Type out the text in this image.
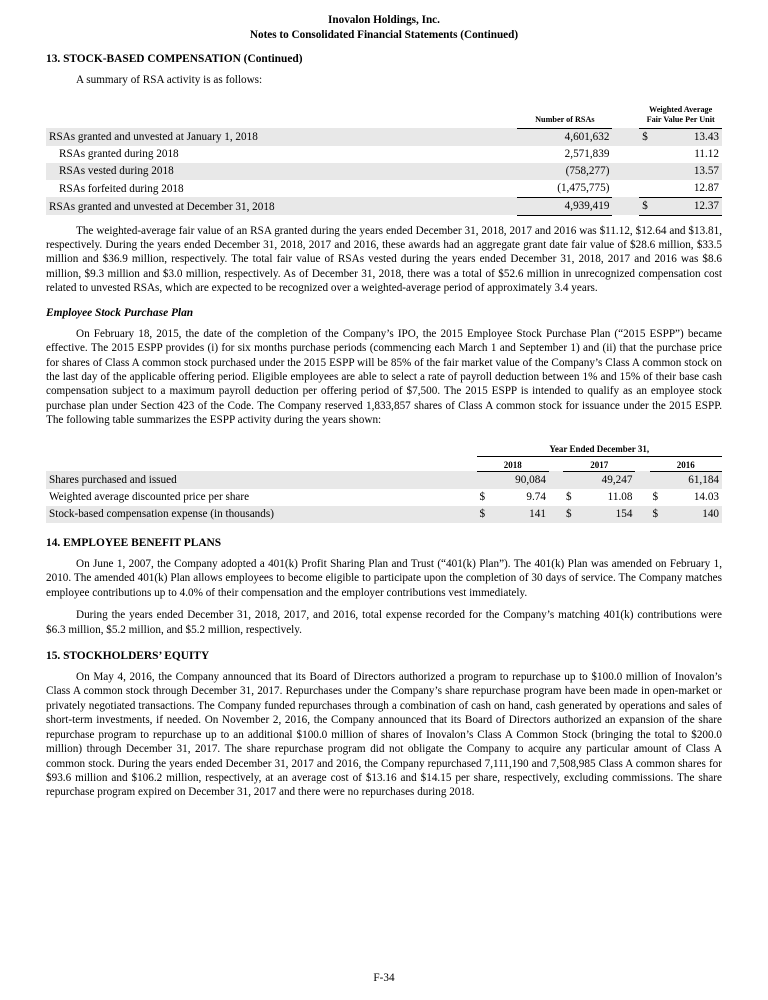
Inovalon Holdings, Inc.
Notes to Consolidated Financial Statements (Continued)
13. STOCK-BASED COMPENSATION (Continued)

A summary of RSA activity is as follows:

	Number of RSAs		Weighted Average Fair Value Per Unit	
RSAs granted and unvested at January 1, 2018	4,601,632		$	13.43
RSAs granted during 2018	2,571,839			11.12
RSAs vested during 2018	(758,277)			13.57
RSAs forfeited during 2018	(1,475,775)			12.87
RSAs granted and unvested at December 31, 2018	4,939,419		$	12.37

The weighted-average fair value of an RSA granted during the years ended December 31, 2018, 2017 and 2016 was $11.12, $12.64 and $13.81, respectively. During the years ended December 31, 2018, 2017 and 2016, these awards had an aggregate grant date fair value of $28.6 million, $33.5 million and $36.9 million, respectively. The total fair value of RSAs vested during the years ended December 31, 2018, 2017 and 2016 was $8.6 million, $9.3 million and $3.0 million, respectively. As of December 31, 2018, there was a total of $52.6 million in unrecognized compensation cost related to unvested RSAs, which are expected to be recognized over a weighted-average period of approximately 3.4 years.

Employee Stock Purchase Plan

On February 18, 2015, the date of the completion of the Company’s IPO, the 2015 Employee Stock Purchase Plan (“2015 ESPP”) became effective. The 2015 ESPP provides (i) for six months purchase periods (commencing each March 1 and September 1) and (ii) that the purchase price for shares of Class A common stock purchased under the 2015 ESPP will be 85% of the fair market value of the Company’s Class A common stock on the last day of the applicable offering period. Eligible employees are able to select a rate of payroll deduction between 1% and 15% of their base cash compensation subject to a maximum payroll deduction per offering period of $7,500. The 2015 ESPP is intended to qualify as an employee stock purchase plan under Section 423 of the Code. The Company reserved 1,833,857 shares of Class A common stock for issuance under the 2015 ESPP. The following table summarizes the ESPP activity during the years shown:

	Year Ended December 31,							
	2018			2017			2016	
Shares purchased and issued		90,084			49,247			61,184
Weighted average discounted price per share	$	9.74		$	11.08		$	14.03
Stock-based compensation expense (in thousands)	$	141		$	154		$	140
14. EMPLOYEE BENEFIT PLANS

On June 1, 2007, the Company adopted a 401(k) Profit Sharing Plan and Trust (“401(k) Plan”). The 401(k) Plan was amended on February 1, 2010. The amended 401(k) Plan allows employees to become eligible to participate upon the completion of 30 days of service. The Company matches employee contributions up to 4.0% of their compensation and the employer contributions vest immediately.

During the years ended December 31, 2018, 2017, and 2016, total expense recorded for the Company’s matching 401(k) contributions were $6.3 million, $5.2 million, and $5.2 million, respectively.

15. STOCKHOLDERS’ EQUITY

On May 4, 2016, the Company announced that its Board of Directors authorized a program to repurchase up to $100.0 million of Inovalon’s Class A common stock through December 31, 2017. Repurchases under the Company’s share repurchase program have been made in open-market or privately negotiated transactions. The Company funded repurchases through a combination of cash on hand, cash generated by operations and sales of short-term investments, if needed. On November 2, 2016, the Company announced that its Board of Directors authorized an expansion of the share repurchase program to repurchase up to an additional $100.0 million of shares of Inovalon’s Class A Common Stock (bringing the total to $200.0 million) through December 31, 2017. The share repurchase program did not obligate the Company to acquire any particular amount of Class A common stock. During the years ended December 31, 2017 and 2016, the Company repurchased 7,111,190 and 7,508,985 Class A common shares for $93.6 million and $106.2 million, respectively, at an average cost of $13.16 and $14.15 per share, respectively, excluding commissions. The share repurchase program expired on December 31, 2017 and there were no repurchases during 2018.

F-34
